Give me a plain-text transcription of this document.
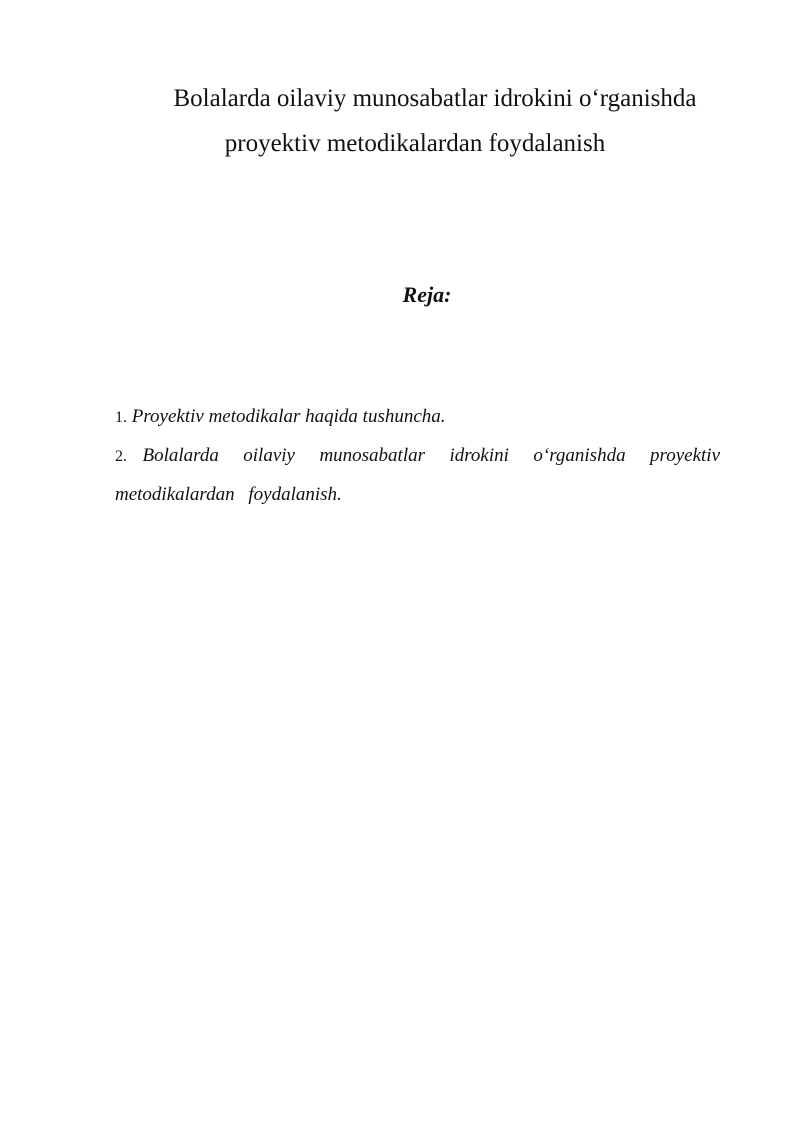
Bolalarda oilaviy munosabatlar idrokini o‘rganishda
proyektiv metodikalardan foydalanish
Reja:
1. Proyektiv metodikalar haqida tushuncha.
2. Bolalarda oilaviy munosabatlar idrokini o‘rganishda proyektiv metodikalardan foydalanish.
